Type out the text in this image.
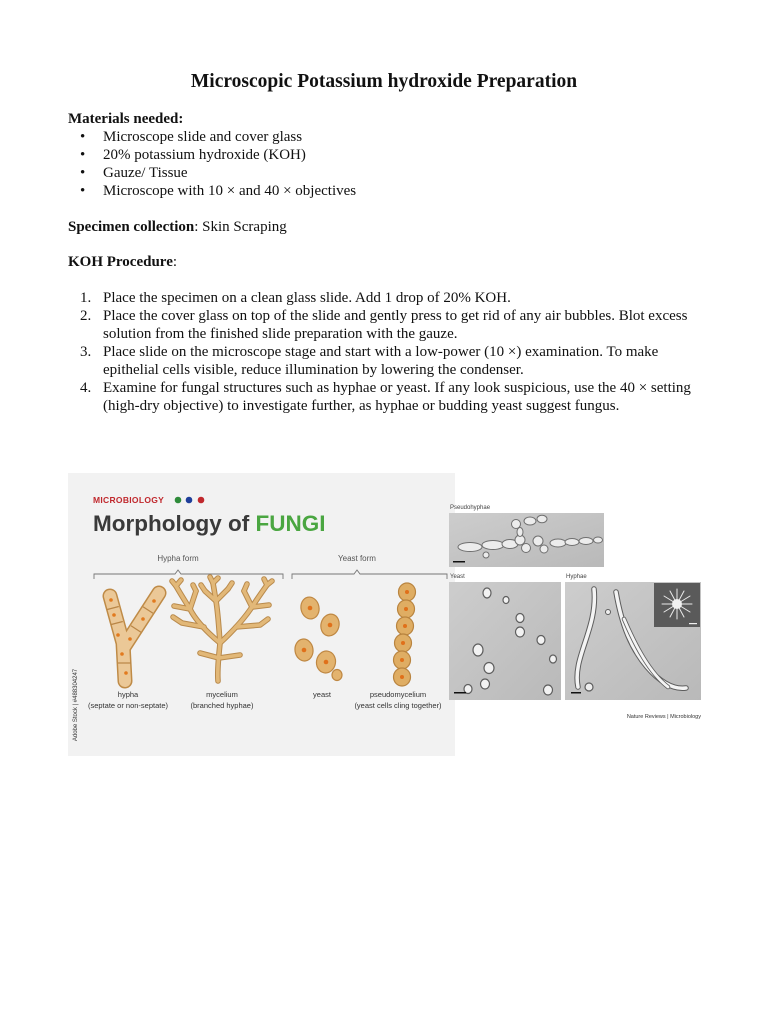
Microscopic Potassium hydroxide Preparation
Materials needed:
• Microscope slide and cover glass
• 20% potassium hydroxide (KOH)
• Gauze/ Tissue
• Microscope with 10 × and 40 × objectives
Specimen collection: Skin Scraping
KOH Procedure:
1. Place the specimen on a clean glass slide. Add 1 drop of 20% KOH.
2. Place the cover glass on top of the slide and gently press to get rid of any air bubbles. Blot excess solution from the finished slide preparation with the gauze.
3. Place slide on the microscope stage and start with a low-power (10 ×) examination. To make epithelial cells visible, reduce illumination by lowering the condenser.
4. Examine for fungal structures such as hyphae or yeast. If any look suspicious, use the 40 × setting (high-dry objective) to investigate further, as hyphae or budding yeast suggest fungus.
MICROBIOLOGY
Morphology of FUNGI
Hypha form	Yeast form
hypha
(septate or non-septate)
mycelium
(branched hyphae)
yeast	pseudomycelium
(yeast cells cling together)
Adobe Stock | #488304247
Pseudohyphae
Yeast	Hyphae
Nature Reviews | Microbiology
